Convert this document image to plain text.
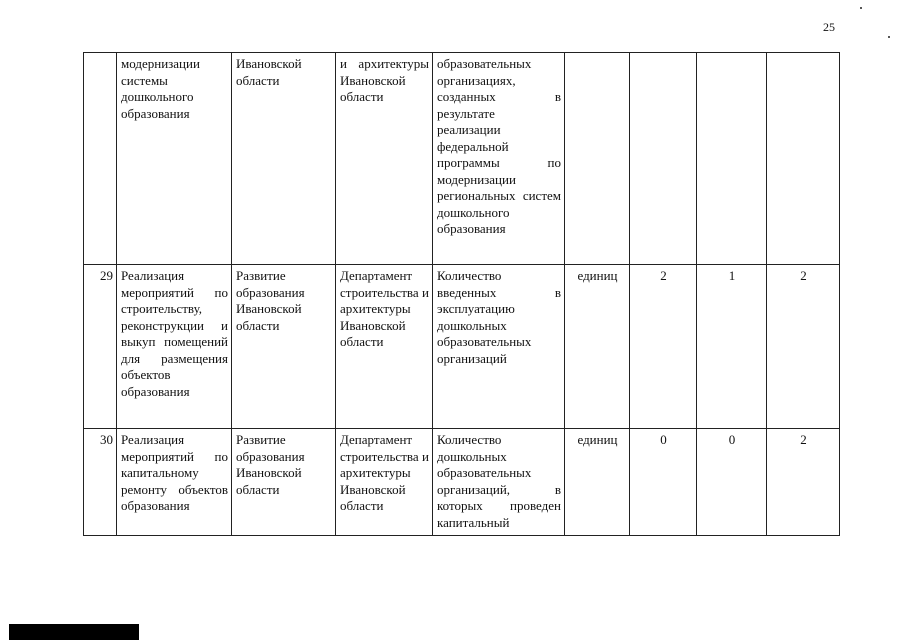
25
	модернизации системы дошкольного образования	Ивановской области	и архитектуры Ивановской области	образовательных организациях, созданных в результате реализации федеральной программы по модернизации региональных систем дошкольного образования				
29	Реализация мероприятий по строительству, реконструкции и выкуп помещений для размещения объектов образования	Развитие образования Ивановской области	Департамент строительства и архитектуры Ивановской области	Количество введенных в эксплуатацию дошкольных образовательных организаций	единиц	2	1	2
30	Реализация мероприятий по капитальному ремонту объектов образования	Развитие образования Ивановской области	Департамент строительства и архитектуры Ивановской области	Количество дошкольных образовательных организаций, в которых проведен капитальный	единиц	0	0	2
